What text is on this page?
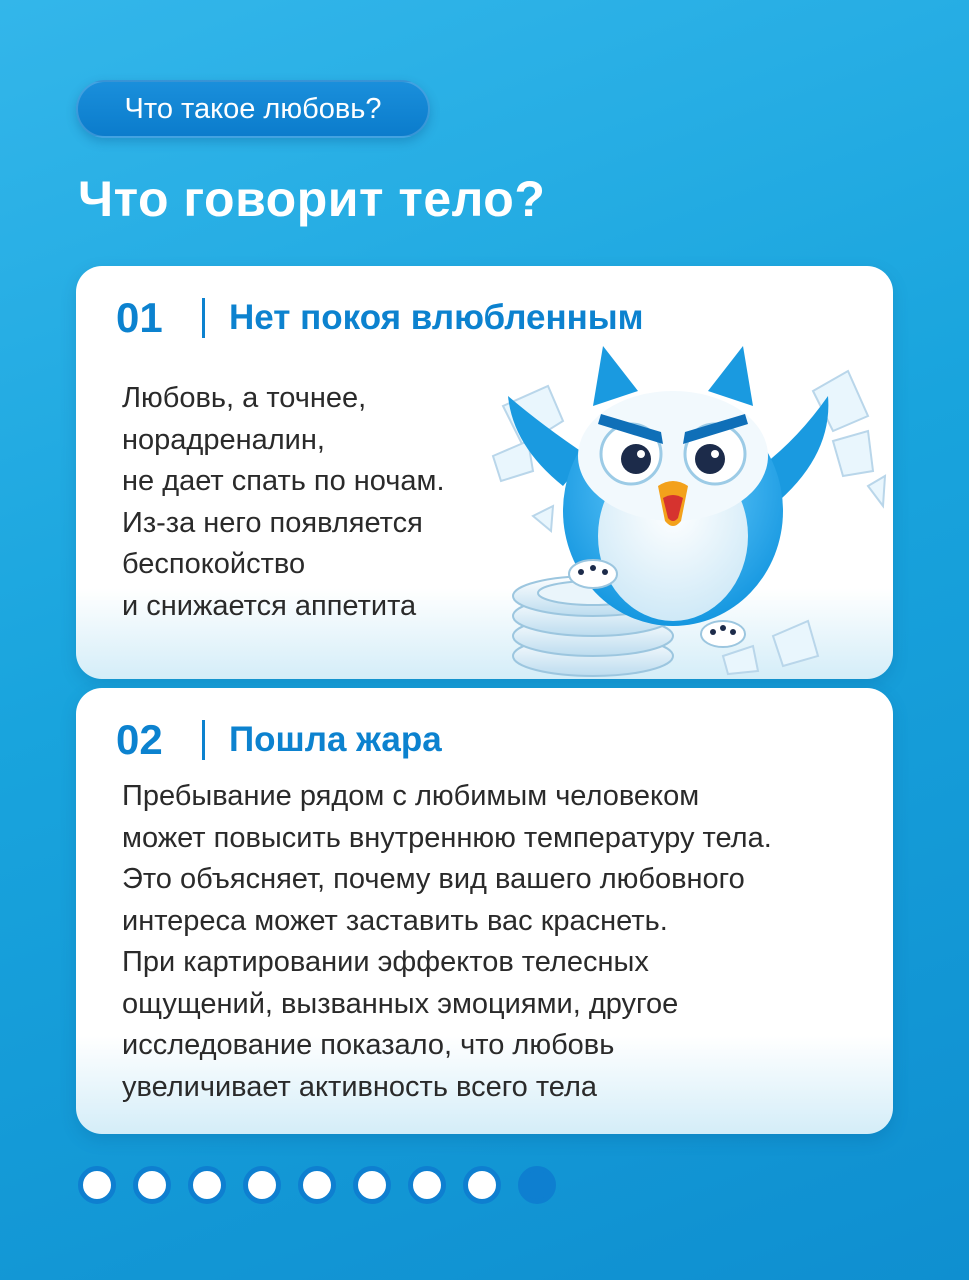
Что такое любовь?
Что говорит тело?
01	Нет покоя влюбленным
Любовь, а точнее,
норадреналин,
не дает спать по ночам.
Из-за него появляется
беспокойство
и снижается аппетита
02	Пошла жара
Пребывание рядом с любимым человеком
может повысить внутреннюю температуру тела.
Это объясняет, почему вид вашего любовного
интереса может заставить вас краснеть.
При картировании эффектов телесных
ощущений, вызванных эмоциями, другое
исследование показало, что любовь
увеличивает активность всего тела
